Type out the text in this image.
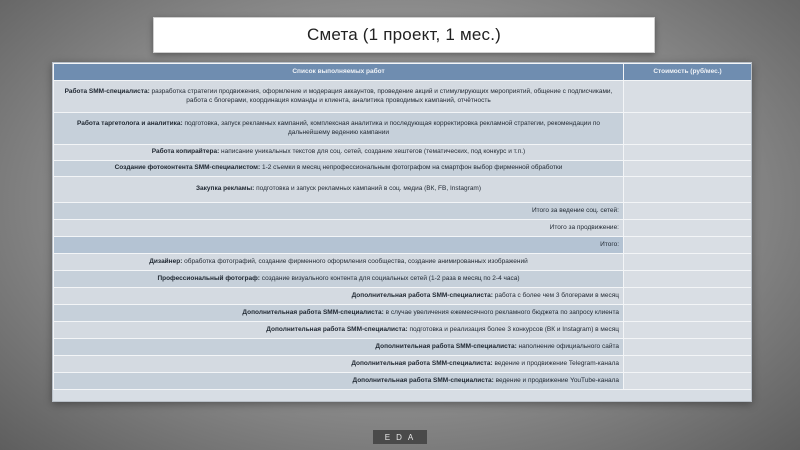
Смета (1 проект, 1 мес.)
Список выполняемых работ	Стоимость (руб/мес.)
Работа SMM-специалиста: разработка стратегии продвижения, оформление и модерация аккаунтов, проведение акций и стимулирующих мероприятий, общение с подписчиками, работа с блогерами, координация команды и клиента, аналитика проводимых кампаний, отчётность	
Работа таргетолога и аналитика: подготовка, запуск рекламных кампаний, комплексная аналитика и последующая корректировка рекламной стратегии, рекомендации по дальнейшему ведению кампании	
Работа копирайтера: написание уникальных текстов для соц. сетей, создание хештегов (тематических, под конкурс и т.п.)	
Создание фотоконтента SMM-специалистом: 1-2 съемки в месяц непрофессиональным фотографом на смартфон выбор фирменной обработки	
Закупка рекламы: подготовка и запуск рекламных кампаний в соц. медиа (ВК, FB, Instagram)	
Итого за ведение соц. сетей:	
Итого за продвижение:	
Итого:	
Дизайнер: обработка фотографий, создание фирменного оформления сообщества, создание анимированных изображений	
Профессиональный фотограф: создание визуального контента для социальных сетей (1-2 раза в месяц по 2-4 часа)	
Дополнительная работа SMM-специалиста: работа с более чем 3 блогерами в месяц	
Дополнительная работа SMM-специалиста: в случае увеличения ежемесячного рекламного бюджета по запросу клиента	
Дополнительная работа SMM-специалиста: подготовка и реализация более 3 конкурсов (ВК и Instagram) в месяц	
Дополнительная работа SMM-специалиста: наполнение официального сайта	
Дополнительная работа SMM-специалиста: ведение и продвижение Telegram-канала	
Дополнительная работа SMM-специалиста: ведение и продвижение YouTube-канала	
EDA
